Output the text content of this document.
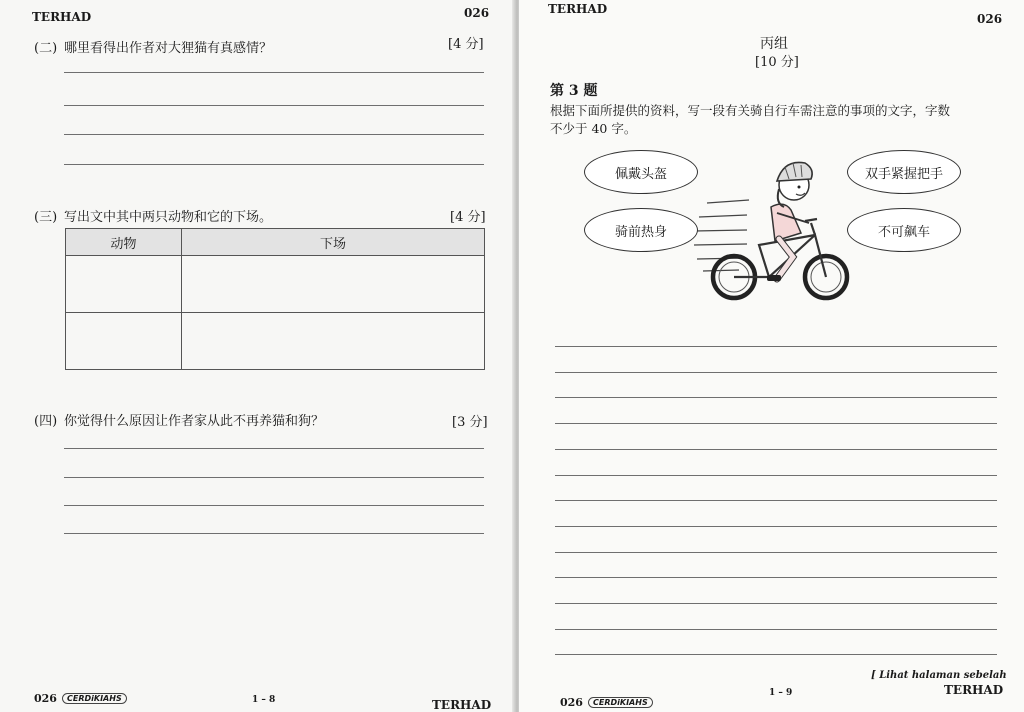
TERHAD	026
(二) 哪里看得出作者对大狸猫有真感情？	[4 分]
(三) 写出文中其中两只动物和它的下场。	[4 分]
动物	下场

(四) 你觉得什么原因让作者家从此不再养猫和狗？	[3 分]
026	CERDiKIAHS	1 – 8	TERHAD
TERHAD
026
丙组
[10 分]
第 3 题
根据下面所提供的资料，写一段有关骑自行车需注意的事项的文字，字数
不少于 40 字。
佩戴头盔
骑前热身
双手紧握把手
不可飙车
[ Lihat halaman sebelah
TERHAD
026	CERDiKIAHS
1 – 9
